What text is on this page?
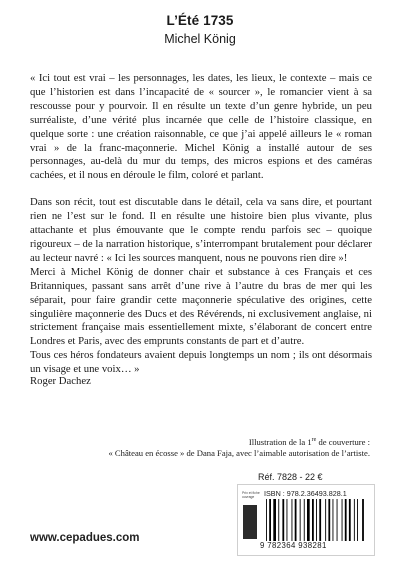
L’Été 1735
Michel König

« Ici tout est vrai – les personnages, les dates, les lieux, le contexte – mais ce que l’historien est dans l’incapacité de « sourcer », le romancier vient à sa rescousse pour y pourvoir. Il en résulte un texte d’un genre hybride, un peu surréaliste, d’une vérité plus incarnée que celle de l’histoire classique, en quelque sorte : une création raisonnable, ce que j’ai appelé ailleurs le « roman vrai » de la franc-maçonnerie. Michel König a installé autour de ses personnages, au-delà du mur du temps, des micros espions et des caméras cachées, et il nous en déroule le film, coloré et parlant.

Dans son récit, tout est discutable dans le détail, cela va sans dire, et pourtant rien ne l’est sur le fond. Il en résulte une histoire bien plus vivante, plus attachante et plus émouvante que le compte rendu parfois sec – quoique rigoureux – de la narration historique, s’interrompant brutalement pour déclarer au lecteur navré : « Ici les sources manquent, nous ne pouvons rien dire »!

Merci à Michel König de donner chair et substance à ces Français et ces Britanniques, passant sans arrêt d’une rive à l’autre du bras de mer qui les séparait, pour faire grandir cette maçonnerie spéculative des origines, cette singulière maçonnerie des Ducs et des Révérends, ni exclusivement anglaise, ni strictement française mais essentiellement mixte, s’élaborant de concert entre Londres et Paris, avec des emprunts constants de part et d’autre.

Tous ces héros fondateurs avaient depuis longtemps un nom ; ils ont désormais un visage et une voix… »

Roger Dachez
Illustration de la 1re de couverture :
« Château en écosse » de Dana Faja, avec l’aimable autorisation de l’artiste.
Réf. 7828 - 22 €
Prix et fiche ouvrage	ISBN : 978.2.36493.828.1
9 782364 938281
www.cepadues.com
